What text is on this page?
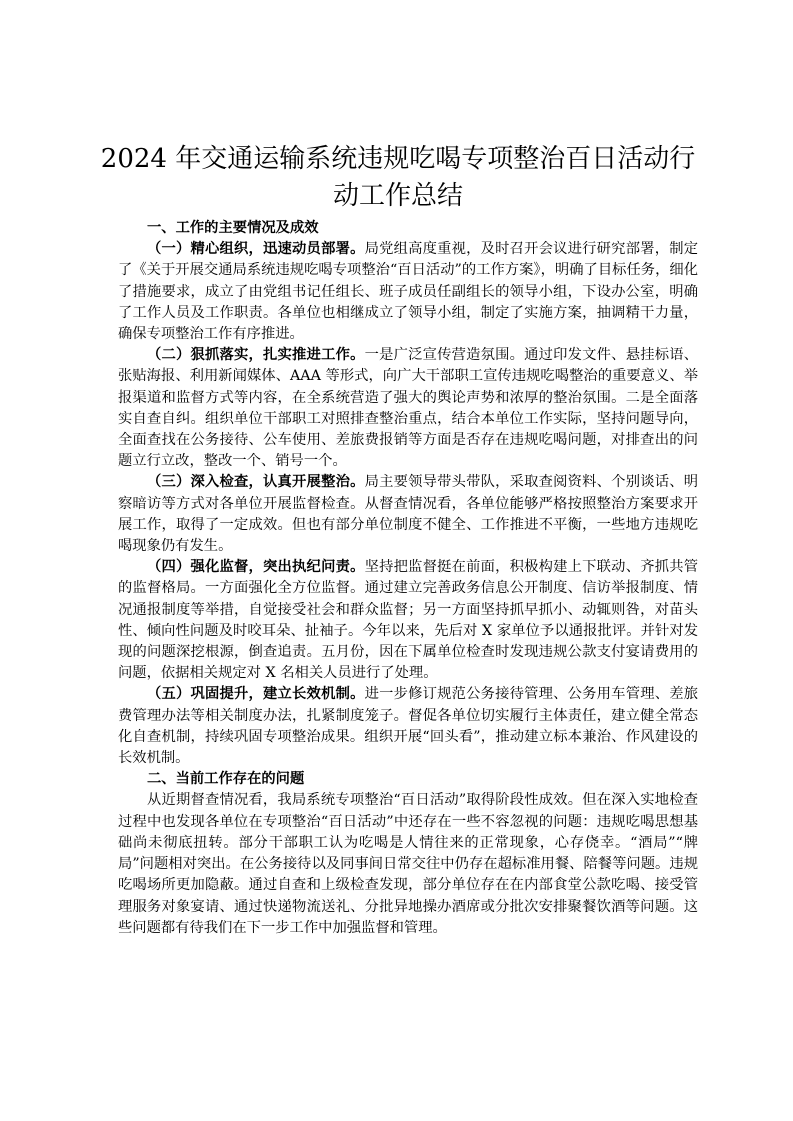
2024 年交通运输系统违规吃喝专项整治百日活动行动工作总结
一、工作的主要情况及成效

（一）精心组织，迅速动员部署。局党组高度重视，及时召开会议进行研究部署，制定了《关于开展交通局系统违规吃喝专项整治“百日活动”的工作方案》，明确了目标任务，细化了措施要求，成立了由党组书记任组长、班子成员任副组长的领导小组，下设办公室，明确了工作人员及工作职责。各单位也相继成立了领导小组，制定了实施方案，抽调精干力量，确保专项整治工作有序推进。

（二）狠抓落实，扎实推进工作。一是广泛宣传营造氛围。通过印发文件、悬挂标语、张贴海报、利用新闻媒体、AAA 等形式，向广大干部职工宣传违规吃喝整治的重要意义、举报渠道和监督方式等内容，在全系统营造了强大的舆论声势和浓厚的整治氛围。二是全面落实自查自纠。组织单位干部职工对照排查整治重点，结合本单位工作实际，坚持问题导向，全面查找在公务接待、公车使用、差旅费报销等方面是否存在违规吃喝问题，对排查出的问题立行立改，整改一个、销号一个。

（三）深入检查，认真开展整治。局主要领导带头带队，采取查阅资料、个别谈话、明察暗访等方式对各单位开展监督检查。从督查情况看，各单位能够严格按照整治方案要求开展工作，取得了一定成效。但也有部分单位制度不健全、工作推进不平衡，一些地方违规吃喝现象仍有发生。

（四）强化监督，突出执纪问责。坚持把监督挺在前面，积极构建上下联动、齐抓共管的监督格局。一方面强化全方位监督。通过建立完善政务信息公开制度、信访举报制度、情况通报制度等举措，自觉接受社会和群众监督；另一方面坚持抓早抓小、动辄则咎，对苗头性、倾向性问题及时咬耳朵、扯袖子。今年以来，先后对 X 家单位予以通报批评。并针对发现的问题深挖根源，倒查追责。五月份，因在下属单位检查时发现违规公款支付宴请费用的问题，依据相关规定对 X 名相关人员进行了处理。

（五）巩固提升，建立长效机制。进一步修订规范公务接待管理、公务用车管理、差旅费管理办法等相关制度办法，扎紧制度笼子。督促各单位切实履行主体责任，建立健全常态化自查机制，持续巩固专项整治成果。组织开展“回头看”，推动建立标本兼治、作风建设的长效机制。

二、当前工作存在的问题

从近期督查情况看，我局系统专项整治“百日活动”取得阶段性成效。但在深入实地检查过程中也发现各单位在专项整治“百日活动”中还存在一些不容忽视的问题：违规吃喝思想基础尚未彻底扭转。部分干部职工认为吃喝是人情往来的正常现象，心存侥幸。“酒局”“牌局”问题相对突出。在公务接待以及同事间日常交往中仍存在超标准用餐、陪餐等问题。违规吃喝场所更加隐蔽。通过自查和上级检查发现，部分单位存在在内部食堂公款吃喝、接受管理服务对象宴请、通过快递物流送礼、分批异地操办酒席或分批次安排聚餐饮酒等问题。这些问题都有待我们在下一步工作中加强监督和管理。
